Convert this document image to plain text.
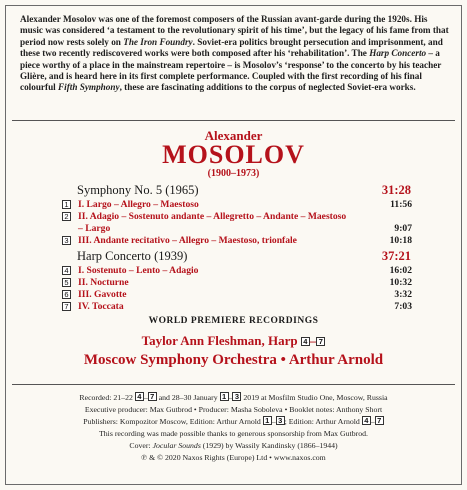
Alexander Mosolov was one of the foremost composers of the Russian avant-garde during the 1920s. His music was considered ‘a testament to the revolutionary spirit of his time’, but the legacy of his fame from that period now rests solely on The Iron Foundry. Soviet-era politics brought persecution and imprisonment, and these two recently rediscovered works were both composed after his ‘rehabilitation’. The Harp Concerto – a piece worthy of a place in the mainstream repertoire – is Mosolov’s ‘response’ to the concerto by his teacher Glière, and is heard here in its first complete performance. Coupled with the first recording of his final colourful Fifth Symphony, these are fascinating additions to the corpus of neglected Soviet-era works.
Alexander
MOSOLOV
(1900–1973)
Symphony No. 5 (1965)	31:28
1 I. Largo – Allegro – Maestoso	11:56
2 II. Adagio – Sostenuto andante – Allegretto – Andante – Maestoso – Largo	9:07
3 III. Andante recitativo – Allegro – Maestoso, trionfale	10:18
Harp Concerto (1939)	37:21
4 I. Sostenuto – Lento – Adagio	16:02
5 II. Nocturne	10:32
6 III. Gavotte	3:32
7 IV. Toccata	7:03
WORLD PREMIERE RECORDINGS
Taylor Ann Fleshman, Harp 4 – 7
Moscow Symphony Orchestra • Arthur Arnold
Recorded: 21–22 4 – 7 and 28–30 January 1 – 3 2019 at Mosfilm Studio One, Moscow, Russia
Executive producer: Max Gutbrod • Producer: Masha Soboleva • Booklet notes: Anthony Short
Publishers: Kompozitor Moscow, Edition: Arthur Arnold 1 – 3 ; Edition: Arthur Arnold 4 – 7
This recording was made possible thanks to generous sponsorship from Max Gutbrod.
Cover: Jocular Sounds (1929) by Wassily Kandinsky (1866–1944)
℗ & © 2020 Naxos Rights (Europe) Ltd • www.naxos.com
